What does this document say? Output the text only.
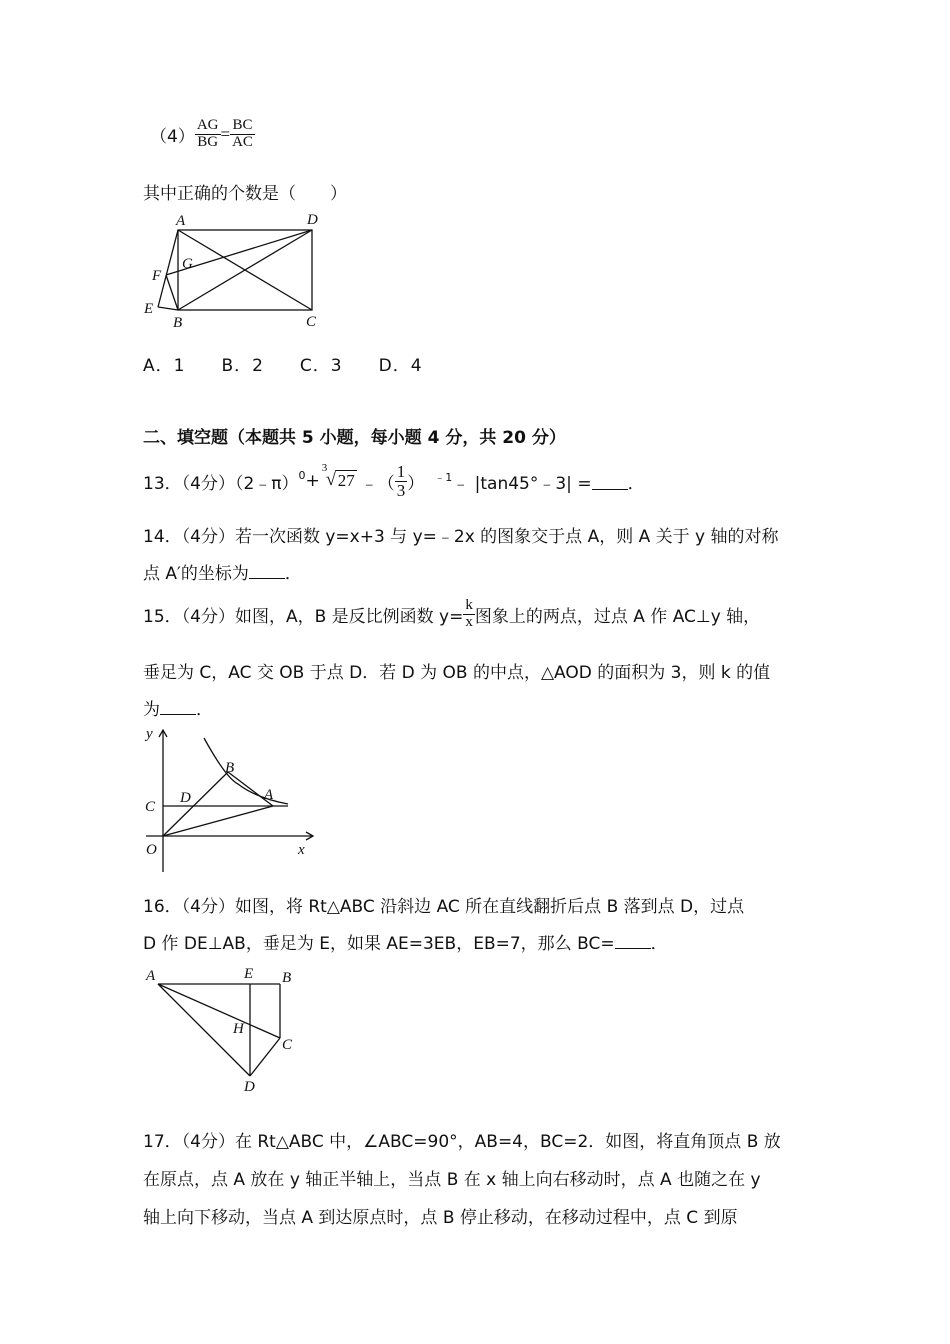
$(4) \frac{AG}{BG} = \frac{BC}{AC}$
其中正确的个数是（　　）
A	D
F
G
E
B	C
A．1　　B．2　　C．3　　D．4
二、填空题（本题共 5 小题，每小题 4 分，共 20 分）
13．（4分）（2﹣π）$^0$ +
3
√ 27 ﹣（ $\frac{1}{3}$ ） $^{﹣1}$ ﹣ |tan45°﹣3| = ．
14．（4分）若一次函数 y=x+3 与 y=﹣2x 的图象交于点 A，则 A 关于 y 轴的对称
点 A′的坐标为 ．
15．（4分）如图，A，B 是反比例函数 $y= \frac{k}{x}$ 图象上的两点，过点 A 作 AC⊥y 轴，
垂足为 C，AC 交 OB 于点 D．若 D 为 OB 的中点，△AOD 的面积为 3，则 k 的值
为 ．
y
x
O
C
D
B
A
16．（4分）如图，将 Rt△ABC 沿斜边 AC 所在直线翻折后点 B 落到点 D，过点
D 作 DE⊥AB，垂足为 E，如果 AE=3EB，EB=7，那么 BC= ．
A	E B
H
C
D
17．（4分）在 Rt△ABC 中，∠ABC=90°，AB=4，BC=2．如图，将直角顶点 B 放
在原点，点 A 放在 y 轴正半轴上，当点 B 在 x 轴上向右移动时，点 A 也随之在 y
轴上向下移动，当点 A 到达原点时，点 B 停止移动，在移动过程中，点 C 到原
